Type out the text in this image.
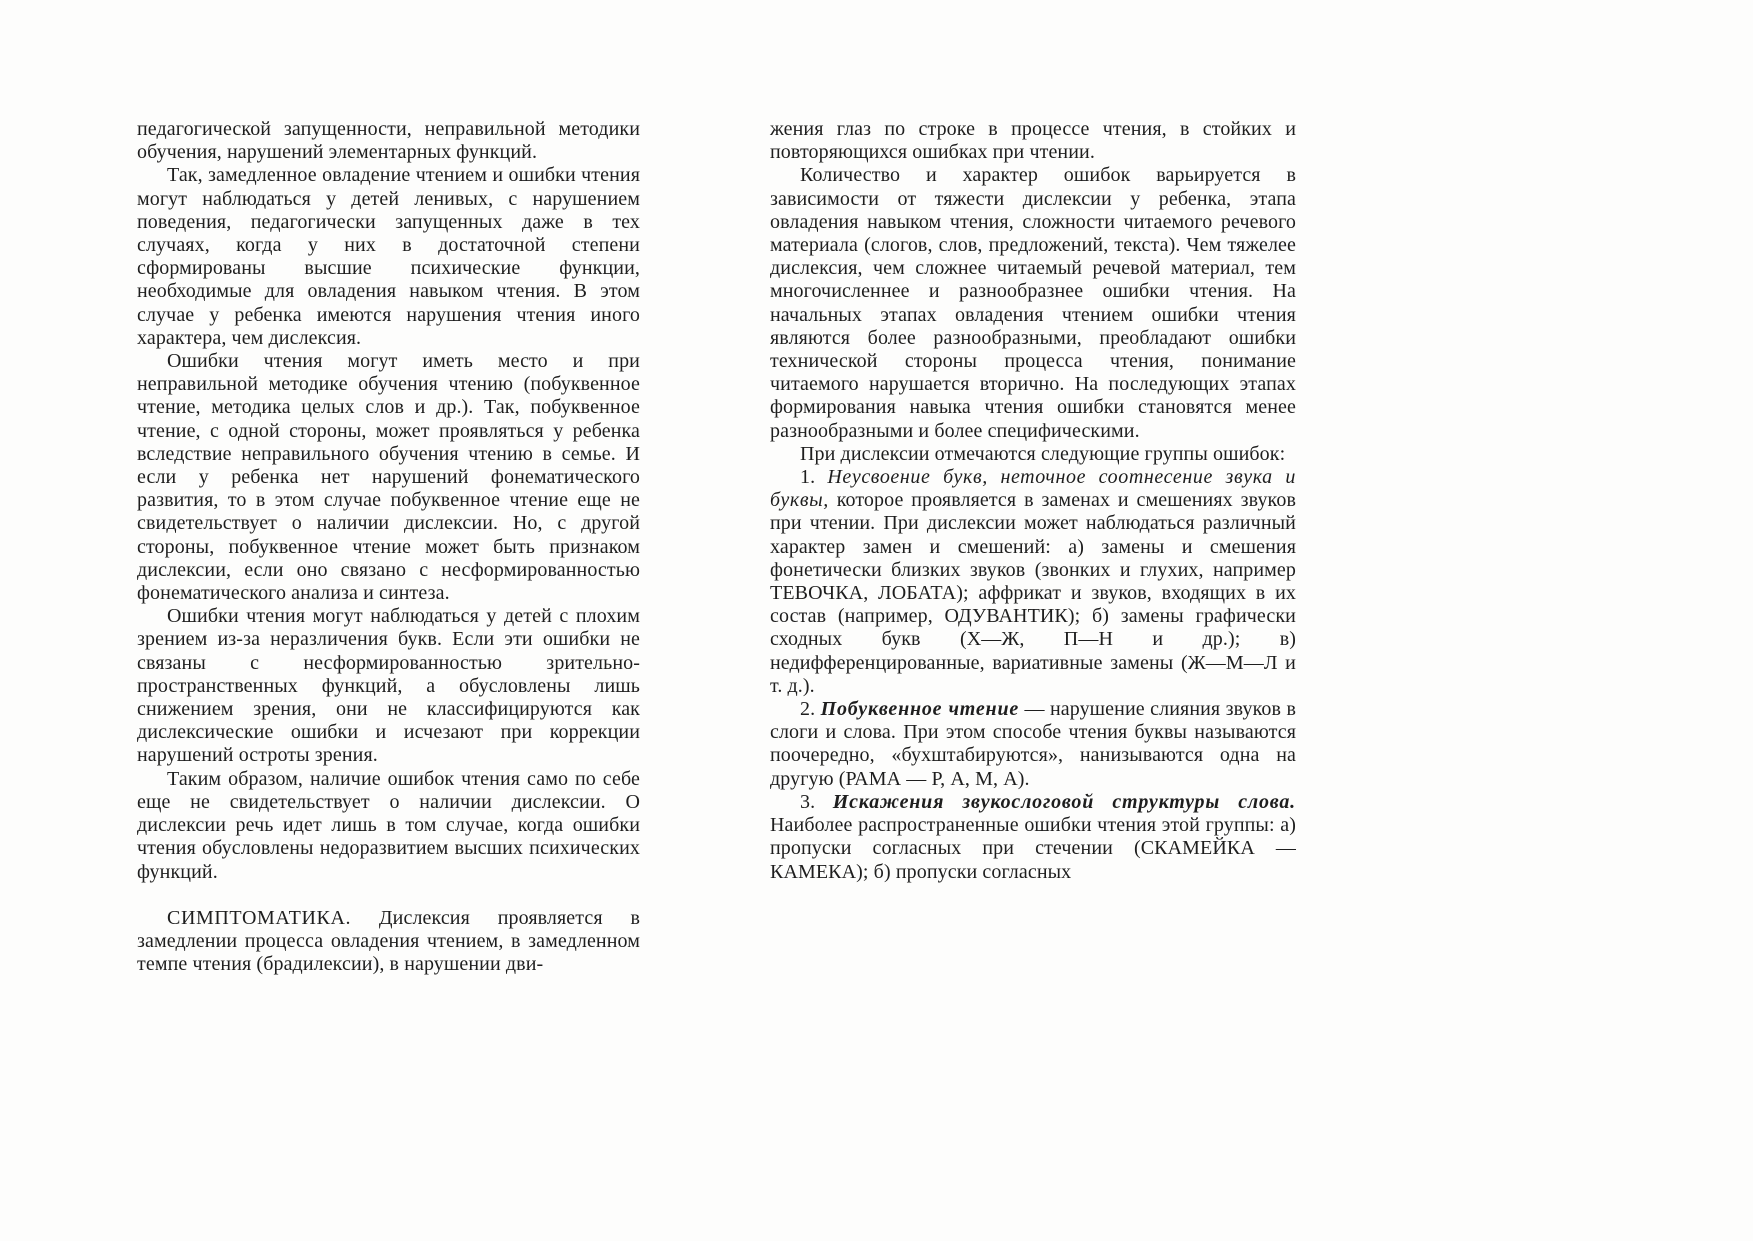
педагогической запущенности, неправильной методики обучения, нарушений элементарных функций.

Так, замедленное овладение чтением и ошибки чтения могут наблюдаться у детей ленивых, с нарушением поведения, педагогически запущенных даже в тех случаях, когда у них в достаточной степени сформированы высшие психические функции, необходимые для овладения навыком чтения. В этом случае у ребенка имеются нарушения чтения иного характера, чем дислексия.

Ошибки чтения могут иметь место и при неправильной методике обучения чтению (побуквенное чтение, методика целых слов и др.). Так, побуквенное чтение, с одной стороны, может проявляться у ребенка вследствие неправильного обучения чтению в семье. И если у ребенка нет нарушений фонематического развития, то в этом случае побуквенное чтение еще не свидетельствует о наличии дислексии. Но, с другой стороны, побуквенное чтение может быть признаком дислексии, если оно связано с несформированностью фонематического анализа и синтеза.

Ошибки чтения могут наблюдаться у детей с плохим зрением из-за неразличения букв. Если эти ошибки не связаны с несформированностью зрительно-пространственных функций, а обусловлены лишь снижением зрения, они не классифицируются как дислексические ошибки и исчезают при коррекции нарушений остроты зрения.

Таким образом, наличие ошибок чтения само по себе еще не свидетельствует о наличии дислексии. О дислексии речь идет лишь в том случае, когда ошибки чтения обусловлены недоразвитием высших психических функций.

СИМПТОМАТИКА. Дислексия проявляется в замедлении процесса овладения чтением, в замедленном темпе чтения (брадилексии), в нарушении дви-

жения глаз по строке в процессе чтения, в стойких и повторяющихся ошибках при чтении.

Количество и характер ошибок варьируется в зависимости от тяжести дислексии у ребенка, этапа овладения навыком чтения, сложности читаемого речевого материала (слогов, слов, предложений, текста). Чем тяжелее дислексия, чем сложнее читаемый речевой материал, тем многочисленнее и разнообразнее ошибки чтения. На начальных этапах овладения чтением ошибки чтения являются более разнообразными, преобладают ошибки технической стороны процесса чтения, понимание читаемого нарушается вторично. На последующих этапах формирования навыка чтения ошибки становятся менее разнообразными и более специфическими.

При дислексии отмечаются следующие группы ошибок:

1. Неусвоение букв, неточное соотнесение звука и буквы, которое проявляется в заменах и смешениях звуков при чтении. При дислексии может наблюдаться различный характер замен и смешений: а) замены и смешения фонетически близких звуков (звонких и глухих, например ТЕВОЧКА, ЛОБАТА); аффрикат и звуков, входящих в их состав (например, ОДУВАНТИК); б) замены графически сходных букв (Х—Ж, П—Н и др.); в) недифференцированные, вариативные замены (Ж—М—Л и т. д.).

2. Побуквенное чтение — нарушение слияния звуков в слоги и слова. При этом способе чтения буквы называются поочередно, «бухштабируются», нанизываются одна на другую (РАМА — Р, А, М, А).

3. Искажения звукослоговой структуры слова. Наиболее распространенные ошибки чтения этой группы: а) пропуски согласных при стечении (СКАМЕЙКА — КАМЕКА); б) пропуски согласных
